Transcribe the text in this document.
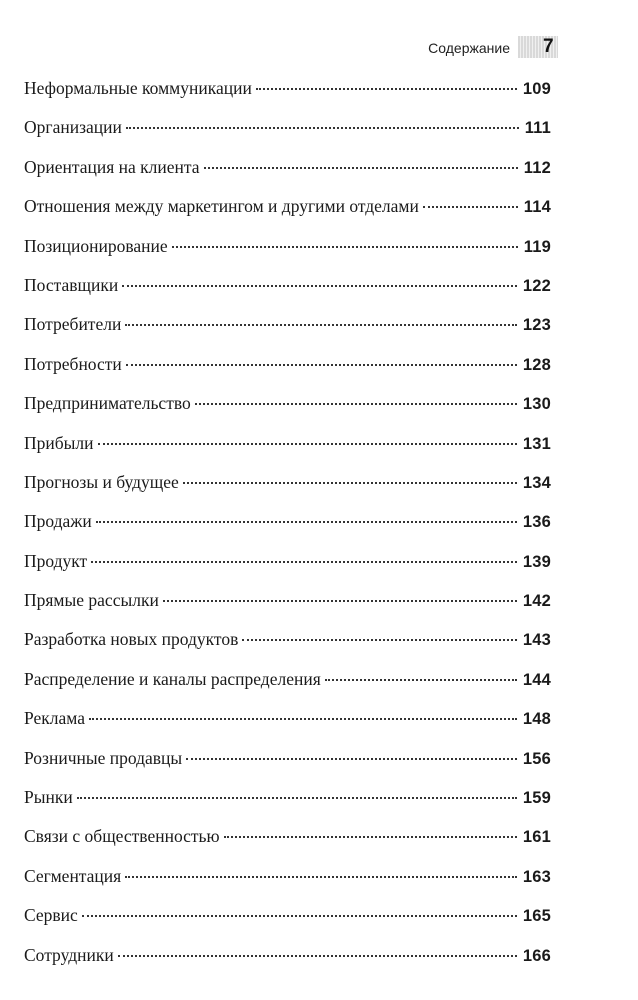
Содержание 7
Неформальные коммуникации	109
Организации	111
Ориентация на клиента	112
Отношения между маркетингом и другими отделами	114
Позиционирование	119
Поставщики	122
Потребители	123
Потребности	128
Предпринимательство	130
Прибыли	131
Прогнозы и будущее	134
Продажи	136
Продукт	139
Прямые рассылки	142
Разработка новых продуктов	143
Распределение и каналы распределения	144
Реклама	148
Розничные продавцы	156
Рынки	159
Связи с общественностью	161
Сегментация	163
Сервис	165
Сотрудники	166
